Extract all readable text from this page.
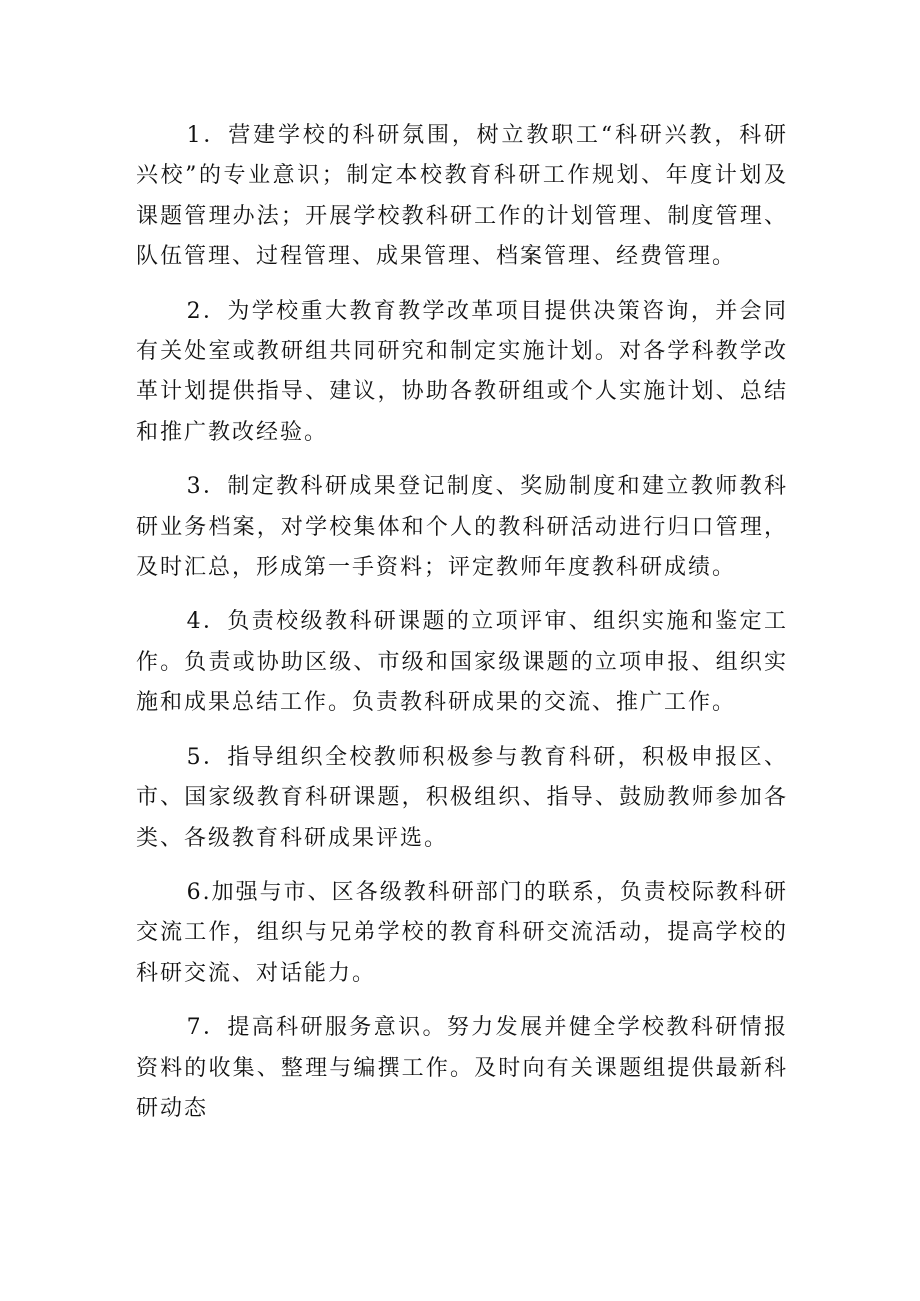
1．营建学校的科研氛围，树立教职工“科研兴教，科研兴校”的专业意识；制定本校教育科研工作规划、年度计划及课题管理办法；开展学校教科研工作的计划管理、制度管理、队伍管理、过程管理、成果管理、档案管理、经费管理。

2．为学校重大教育教学改革项目提供决策咨询，并会同有关处室或教研组共同研究和制定实施计划。对各学科教学改革计划提供指导、建议，协助各教研组或个人实施计划、总结和推广教改经验。

3．制定教科研成果登记制度、奖励制度和建立教师教科研业务档案，对学校集体和个人的教科研活动进行归口管理，及时汇总，形成第一手资料；评定教师年度教科研成绩。

4．负责校级教科研课题的立项评审、组织实施和鉴定工作。负责或协助区级、市级和国家级课题的立项申报、组织实施和成果总结工作。负责教科研成果的交流、推广工作。

5．指导组织全校教师积极参与教育科研，积极申报区、市、国家级教育科研课题，积极组织、指导、鼓励教师参加各类、各级教育科研成果评选。

6.加强与市、区各级教科研部门的联系，负责校际教科研交流工作，组织与兄弟学校的教育科研交流活动，提高学校的科研交流、对话能力。

7．提高科研服务意识。努力发展并健全学校教科研情报资料的收集、整理与编撰工作。及时向有关课题组提供最新科研动态
